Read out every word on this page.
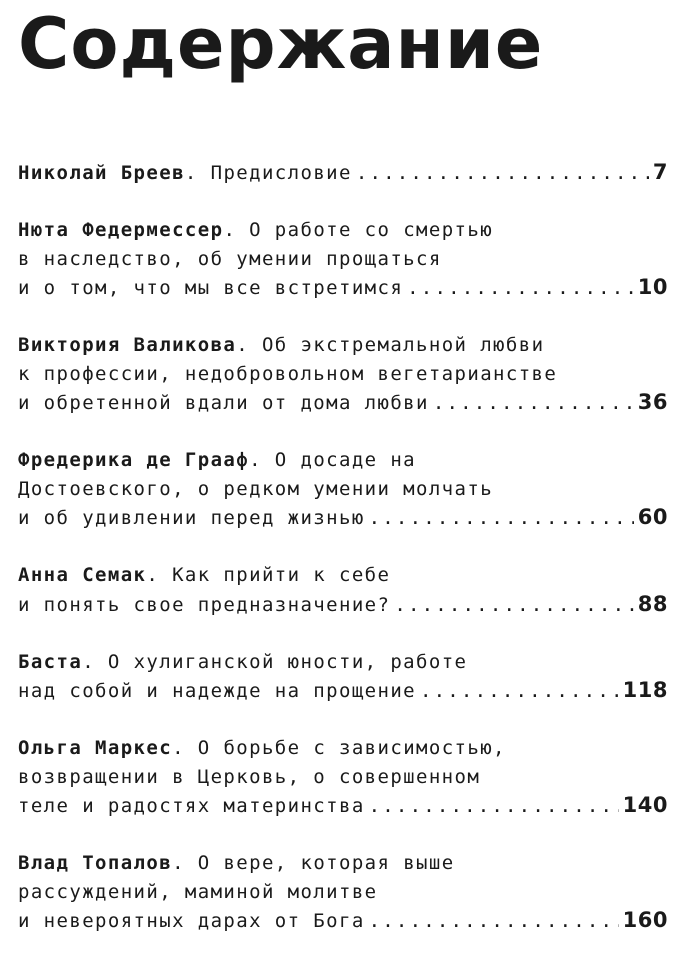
Содержание
Николай Бреев. Предисловие .....	7
Нюта Федермессер. О работе со смертью
в наследство, об умении прощаться
и о том, что мы все встретимся .....	10
Виктория Валикова. Об экстремальной любви
к профессии, недобровольном вегетарианстве
и обретенной вдали от дома любви .....	36
Фредерика де Грааф. О досаде на
Достоевского, о редком умении молчать
и об удивлении перед жизнью .....	60
Анна Семак. Как прийти к себе
и понять свое предназначение? .....	88
Баста. О хулиганской юности, работе
над собой и надежде на прощение .....	118
Ольга Маркес. О борьбе с зависимостью,
возвращении в Церковь, о совершенном
теле и радостях материнства .....	140
Влад Топалов. О вере, которая выше
рассуждений, маминой молитве
и невероятных дарах от Бога .....	160
